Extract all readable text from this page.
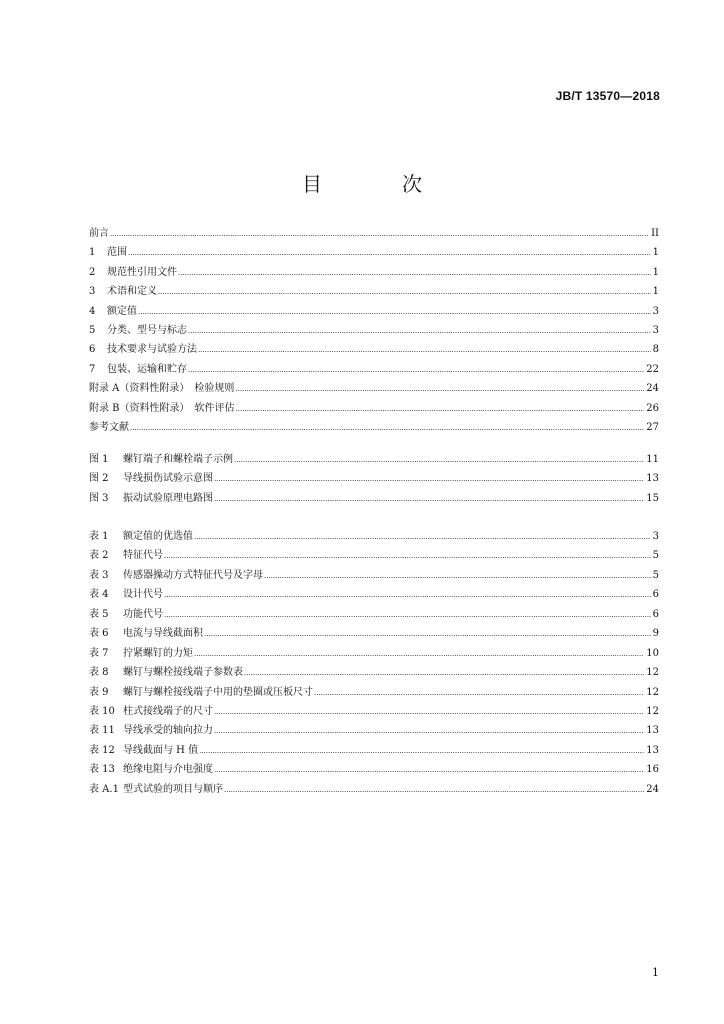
JB/T 13570—2018
目　次
前言 .....	II
1 范围 .....	1
2 规范性引用文件 .....	1
3 术语和定义 .....	1
4 额定值 .....	3
5 分类、型号与标志 .....	3
6 技术要求与试验方法 .....	8
7 包装、运输和贮存 .....	22
附录 A（资料性附录）　检验规则 .....	24
附录 B（资料性附录）　软件评估 .....	26
参考文献 .....	27
图 1 螺钉端子和螺栓端子示例 .....	11
图 2 导线损伤试验示意图 .....	13
图 3 振动试验原理电路图 .....	15
表 1 额定值的优选值 .....	3
表 2 特征代号 .....	5
表 3 传感器操动方式特征代号及字母 .....	5
表 4 设计代号 .....	6
表 5 功能代号 .....	6
表 6 电流与导线截面积 .....	9
表 7 拧紧螺钉的力矩 .....	10
表 8 螺钉与螺栓接线端子参数表 .....	12
表 9 螺钉与螺栓接线端子中用的垫圈或压板尺寸 .....	12
表 10 柱式接线端子的尺寸 .....	12
表 11 导线承受的轴向拉力 .....	13
表 12 导线截面与 H 值 .....	13
表 13 绝缘电阻与介电强度 .....	16
表 A.1 型式试验的项目与顺序 .....	24
1
